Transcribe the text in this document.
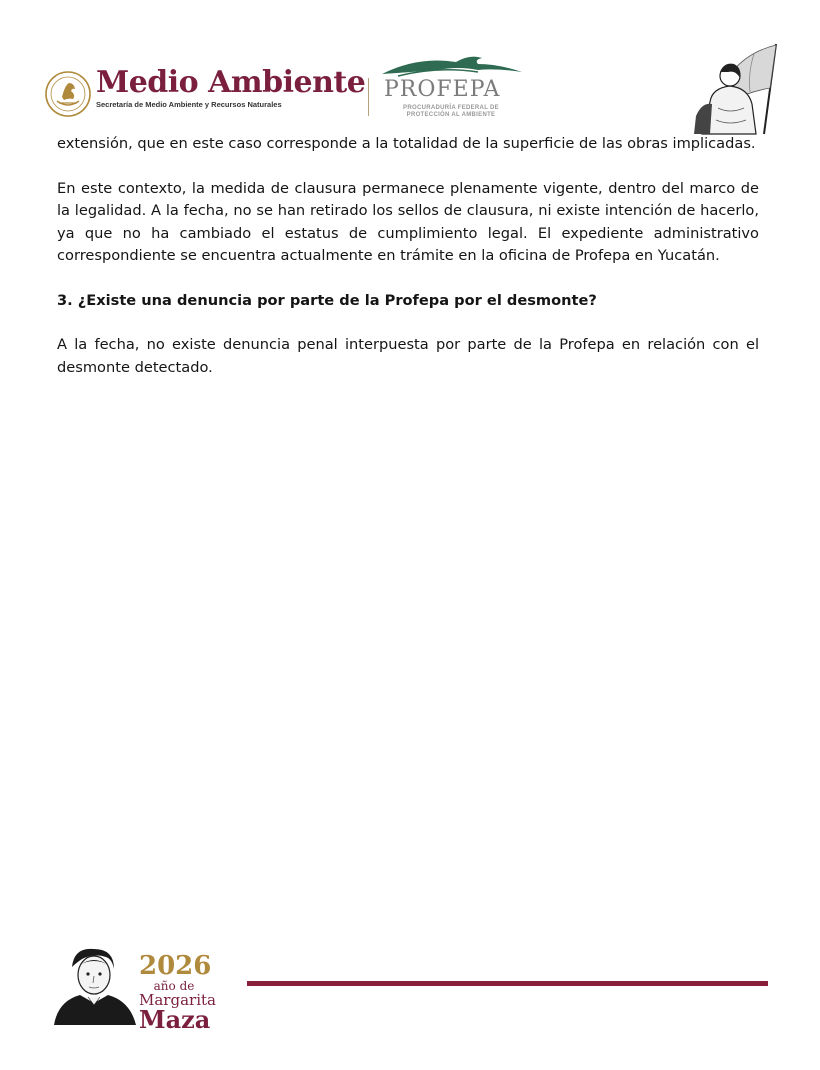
Medio Ambiente
Secretaría de Medio Ambiente y Recursos Naturales
PROFEPA
PROCURADURÍA FEDERAL DE
PROTECCIÓN AL AMBIENTE

extensión, que en este caso corresponde a la totalidad de la superficie de las obras implicadas.

En este contexto, la medida de clausura permanece plenamente vigente, dentro del marco de la legalidad. A la fecha, no se han retirado los sellos de clausura, ni existe intención de hacerlo, ya que no ha cambiado el estatus de cumplimiento legal. El expediente administrativo correspondiente se encuentra actualmente en trámite en la oficina de Profepa en Yucatán.

3. ¿Existe una denuncia por parte de la Profepa por el desmonte?

A la fecha, no existe denuncia penal interpuesta por parte de la Profepa en relación con el desmonte detectado.

2026
año de
Margarita
Maza
